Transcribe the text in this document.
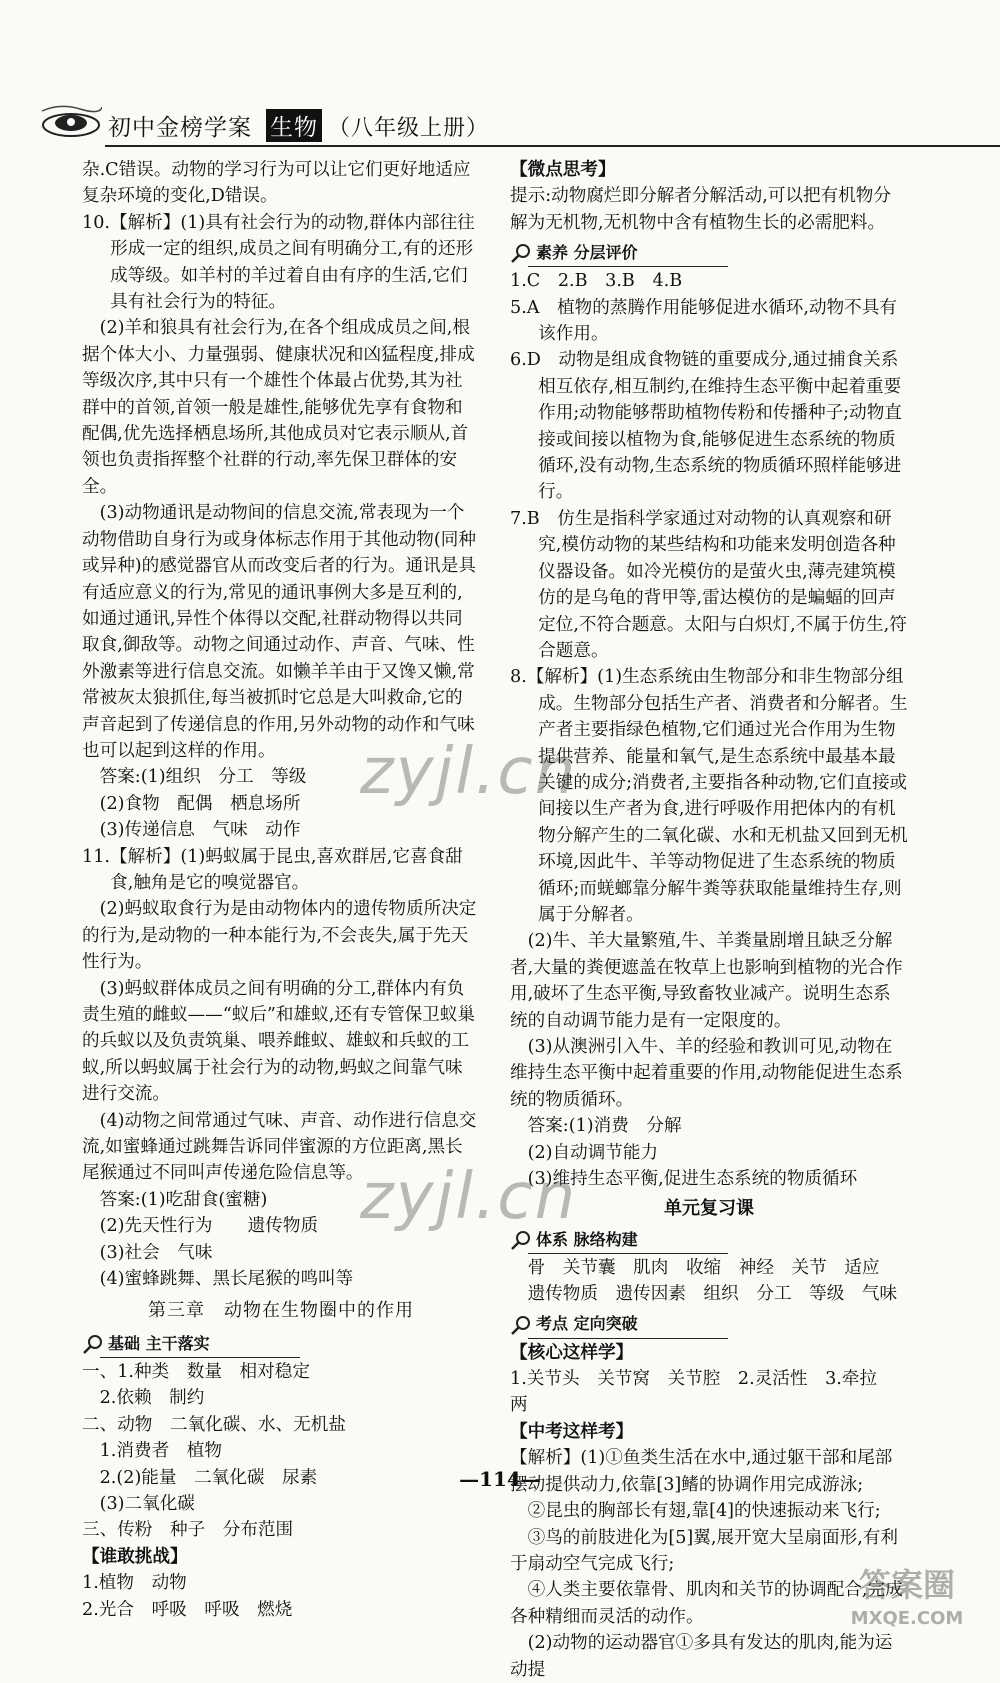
初中金榜学案 生物 （八年级上册）
杂.C错误。动物的学习行为可以让它们更好地适应复杂环境的变化,D错误。
10.【解析】(1)具有社会行为的动物,群体内部往往形成一定的组织,成员之间有明确分工,有的还形成等级。如羊村的羊过着自由有序的生活,它们具有社会行为的特征。
(2)羊和狼具有社会行为,在各个组成成员之间,根据个体大小、力量强弱、健康状况和凶猛程度,排成等级次序,其中只有一个雄性个体最占优势,其为社群中的首领,首领一般是雄性,能够优先享有食物和配偶,优先选择栖息场所,其他成员对它表示顺从,首领也负责指挥整个社群的行动,率先保卫群体的安全。
(3)动物通讯是动物间的信息交流,常表现为一个动物借助自身行为或身体标志作用于其他动物(同种或异种)的感觉器官从而改变后者的行为。通讯是具有适应意义的行为,常见的通讯事例大多是互利的,如通过通讯,异性个体得以交配,社群动物得以共同取食,御敌等。动物之间通过动作、声音、气味、性外激素等进行信息交流。如懒羊羊由于又馋又懒,常常被灰太狼抓住,每当被抓时它总是大叫救命,它的声音起到了传递信息的作用,另外动物的动作和气味也可以起到这样的作用。
答案:(1)组织　分工　等级
(2)食物　配偶　栖息场所
(3)传递信息　气味　动作
11.【解析】(1)蚂蚁属于昆虫,喜欢群居,它喜食甜食,触角是它的嗅觉器官。
(2)蚂蚁取食行为是由动物体内的遗传物质所决定的行为,是动物的一种本能行为,不会丧失,属于先天性行为。
(3)蚂蚁群体成员之间有明确的分工,群体内有负责生殖的雌蚁——“蚁后”和雄蚁,还有专管保卫蚁巢的兵蚁以及负责筑巢、喂养雌蚁、雄蚁和兵蚁的工蚁,所以蚂蚁属于社会行为的动物,蚂蚁之间靠气味进行交流。
(4)动物之间常通过气味、声音、动作进行信息交流,如蜜蜂通过跳舞告诉同伴蜜源的方位距离,黑长尾猴通过不同叫声传递危险信息等。
答案:(1)吃甜食(蜜糖)
(2)先天性行为　　遗传物质
(3)社会　气味
(4)蜜蜂跳舞、黑长尾猴的鸣叫等
第三章　动物在生物圈中的作用
基础 主干落实
一、1.种类　数量　相对稳定
2.依赖　制约
二、动物　二氧化碳、水、无机盐
1.消费者　植物
2.(2)能量　二氧化碳　尿素
(3)二氧化碳
三、传粉　种子　分布范围
【谁敢挑战】
1.植物　动物
2.光合　呼吸　呼吸　燃烧
【微点思考】
提示:动物腐烂即分解者分解活动,可以把有机物分解为无机物,无机物中含有植物生长的必需肥料。
素养 分层评价
1.C　2.B　3.B　4.B
5.A　植物的蒸腾作用能够促进水循环,动物不具有该作用。
6.D　动物是组成食物链的重要成分,通过捕食关系相互依存,相互制约,在维持生态平衡中起着重要作用;动物能够帮助植物传粉和传播种子;动物直接或间接以植物为食,能够促进生态系统的物质循环,没有动物,生态系统的物质循环照样能够进行。
7.B　仿生是指科学家通过对动物的认真观察和研究,模仿动物的某些结构和功能来发明创造各种仪器设备。如冷光模仿的是萤火虫,薄壳建筑模仿的是乌龟的背甲等,雷达模仿的是蝙蝠的回声定位,不符合题意。太阳与白炽灯,不属于仿生,符合题意。
8.【解析】(1)生态系统由生物部分和非生物部分组成。生物部分包括生产者、消费者和分解者。生产者主要指绿色植物,它们通过光合作用为生物提供营养、能量和氧气,是生态系统中最基本最关键的成分;消费者,主要指各种动物,它们直接或间接以生产者为食,进行呼吸作用把体内的有机物分解产生的二氧化碳、水和无机盐又回到无机环境,因此牛、羊等动物促进了生态系统的物质循环;而蜣螂靠分解牛粪等获取能量维持生存,则属于分解者。
(2)牛、羊大量繁殖,牛、羊粪量剧增且缺乏分解者,大量的粪便遮盖在牧草上也影响到植物的光合作用,破坏了生态平衡,导致畜牧业减产。说明生态系统的自动调节能力是有一定限度的。
(3)从澳洲引入牛、羊的经验和教训可见,动物在维持生态平衡中起着重要的作用,动物能促进生态系统的物质循环。
答案:(1)消费　分解
(2)自动调节能力
(3)维持生态平衡,促进生态系统的物质循环
单元复习课
体系 脉络构建
骨　关节囊　肌肉　收缩　神经　关节　适应
遗传物质　遗传因素　组织　分工　等级　气味
考点 定向突破
【核心这样学】
1.关节头　关节窝　关节腔　2.灵活性　3.牵拉　两
【中考这样考】
【解析】(1)①鱼类生活在水中,通过躯干部和尾部摆动提供动力,依靠[3]鳍的协调作用完成游泳;
②昆虫的胸部长有翅,靠[4]的快速振动来飞行;
③鸟的前肢进化为[5]翼,展开宽大呈扇面形,有利于扇动空气完成飞行;
④人类主要依靠骨、肌肉和关节的协调配合,完成各种精细而灵活的动作。
(2)动物的运动器官①多具有发达的肌肉,能为运动提
—114—
zyjl.cn
zyjl.cn
答案圈
MXQE.COM
